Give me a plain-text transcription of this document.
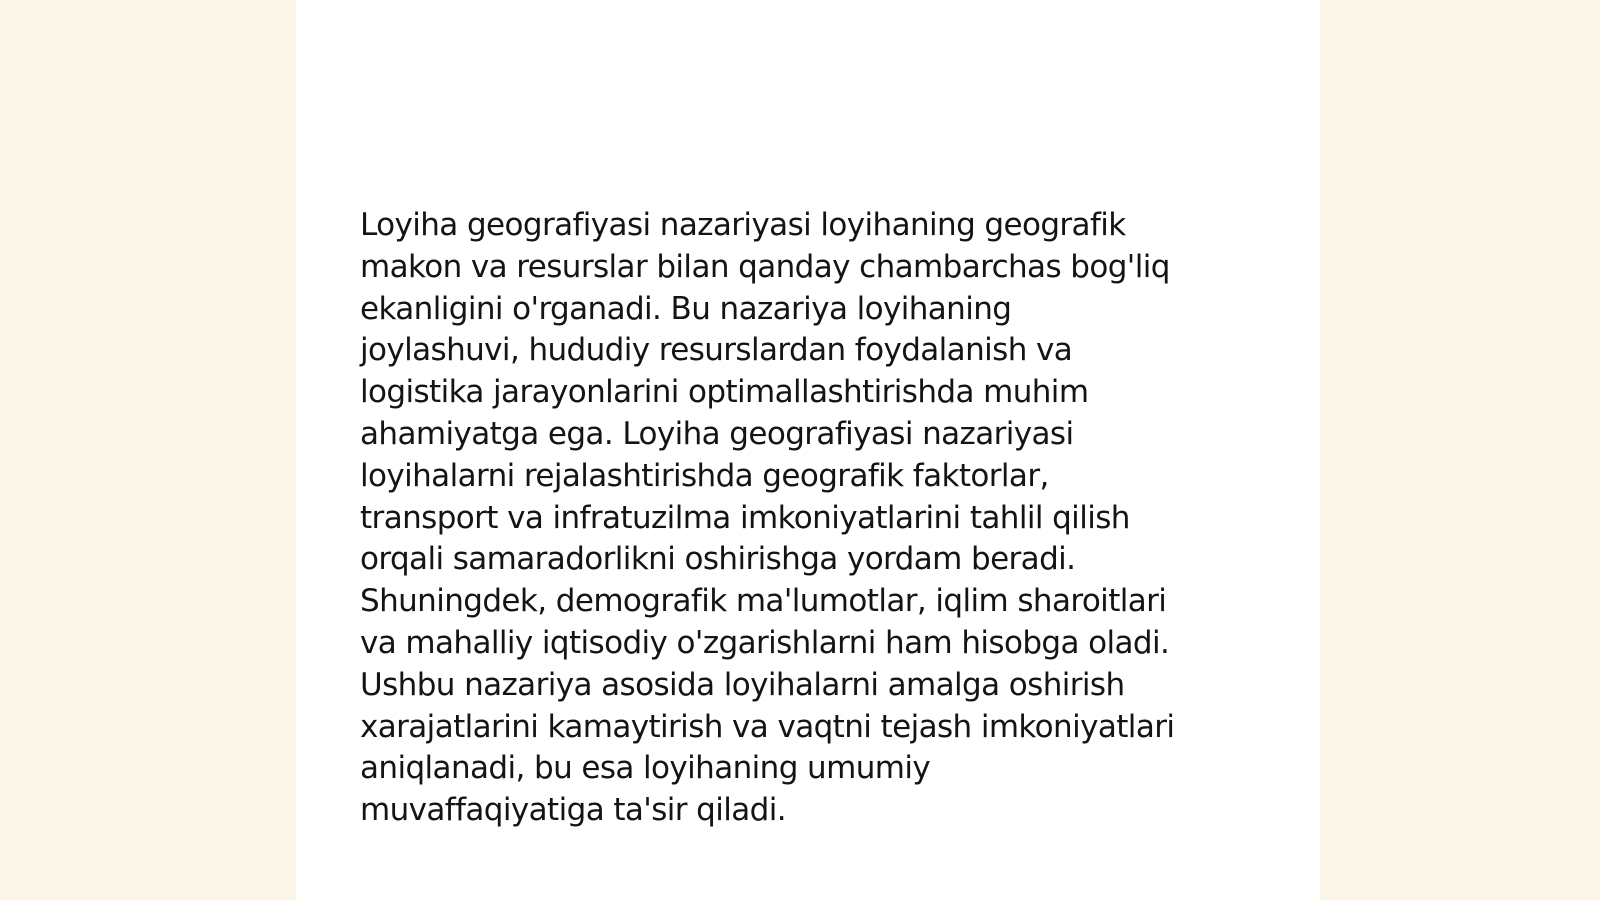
Loyiha geografiyasi nazariyasi loyihaning geografik
makon va resurslar bilan qanday chambarchas bog'liq
ekanligini o'rganadi. Bu nazariya loyihaning
joylashuvi, hududiy resurslardan foydalanish va
logistika jarayonlarini optimallashtirishda muhim
ahamiyatga ega. Loyiha geografiyasi nazariyasi
loyihalarni rejalashtirishda geografik faktorlar,
transport va infratuzilma imkoniyatlarini tahlil qilish
orqali samaradorlikni oshirishga yordam beradi.
Shuningdek, demografik ma'lumotlar, iqlim sharoitlari
va mahalliy iqtisodiy o'zgarishlarni ham hisobga oladi.
Ushbu nazariya asosida loyihalarni amalga oshirish
xarajatlarini kamaytirish va vaqtni tejash imkoniyatlari
aniqlanadi, bu esa loyihaning umumiy
muvaffaqiyatiga ta'sir qiladi.
